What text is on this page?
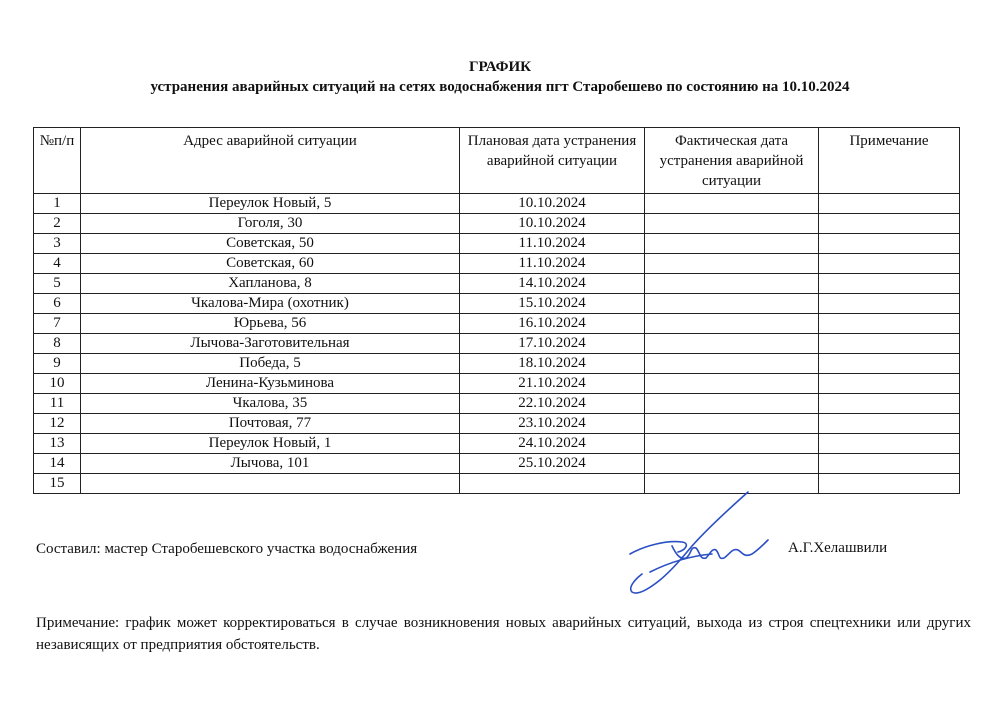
ГРАФИК
устранения аварийных ситуаций на сетях водоснабжения пгт Старобешево по состоянию на 10.10.2024
№п/п	Адрес аварийной ситуации	Плановая дата устранения аварийной ситуации	Фактическая дата устранения аварийной ситуации	Примечание
1	Переулок Новый, 5	10.10.2024		
2	Гоголя, 30	10.10.2024		
3	Советская, 50	11.10.2024		
4	Советская, 60	11.10.2024		
5	Хапланова, 8	14.10.2024		
6	Чкалова-Мира (охотник)	15.10.2024		
7	Юрьева, 56	16.10.2024		
8	Лычова-Заготовительная	17.10.2024		
9	Победа, 5	18.10.2024		
10	Ленина-Кузьминова	21.10.2024		
11	Чкалова, 35	22.10.2024		
12	Почтовая, 77	23.10.2024		
13	Переулок Новый, 1	24.10.2024		
14	Лычова, 101	25.10.2024		
15				
Составил: мастер Старобешевского участка водоснабжения	А.Г.Хелашвили
Примечание: график может корректироваться в случае возникновения новых аварийных ситуаций, выхода из строя спецтехники или других независящих от предприятия обстоятельств.
